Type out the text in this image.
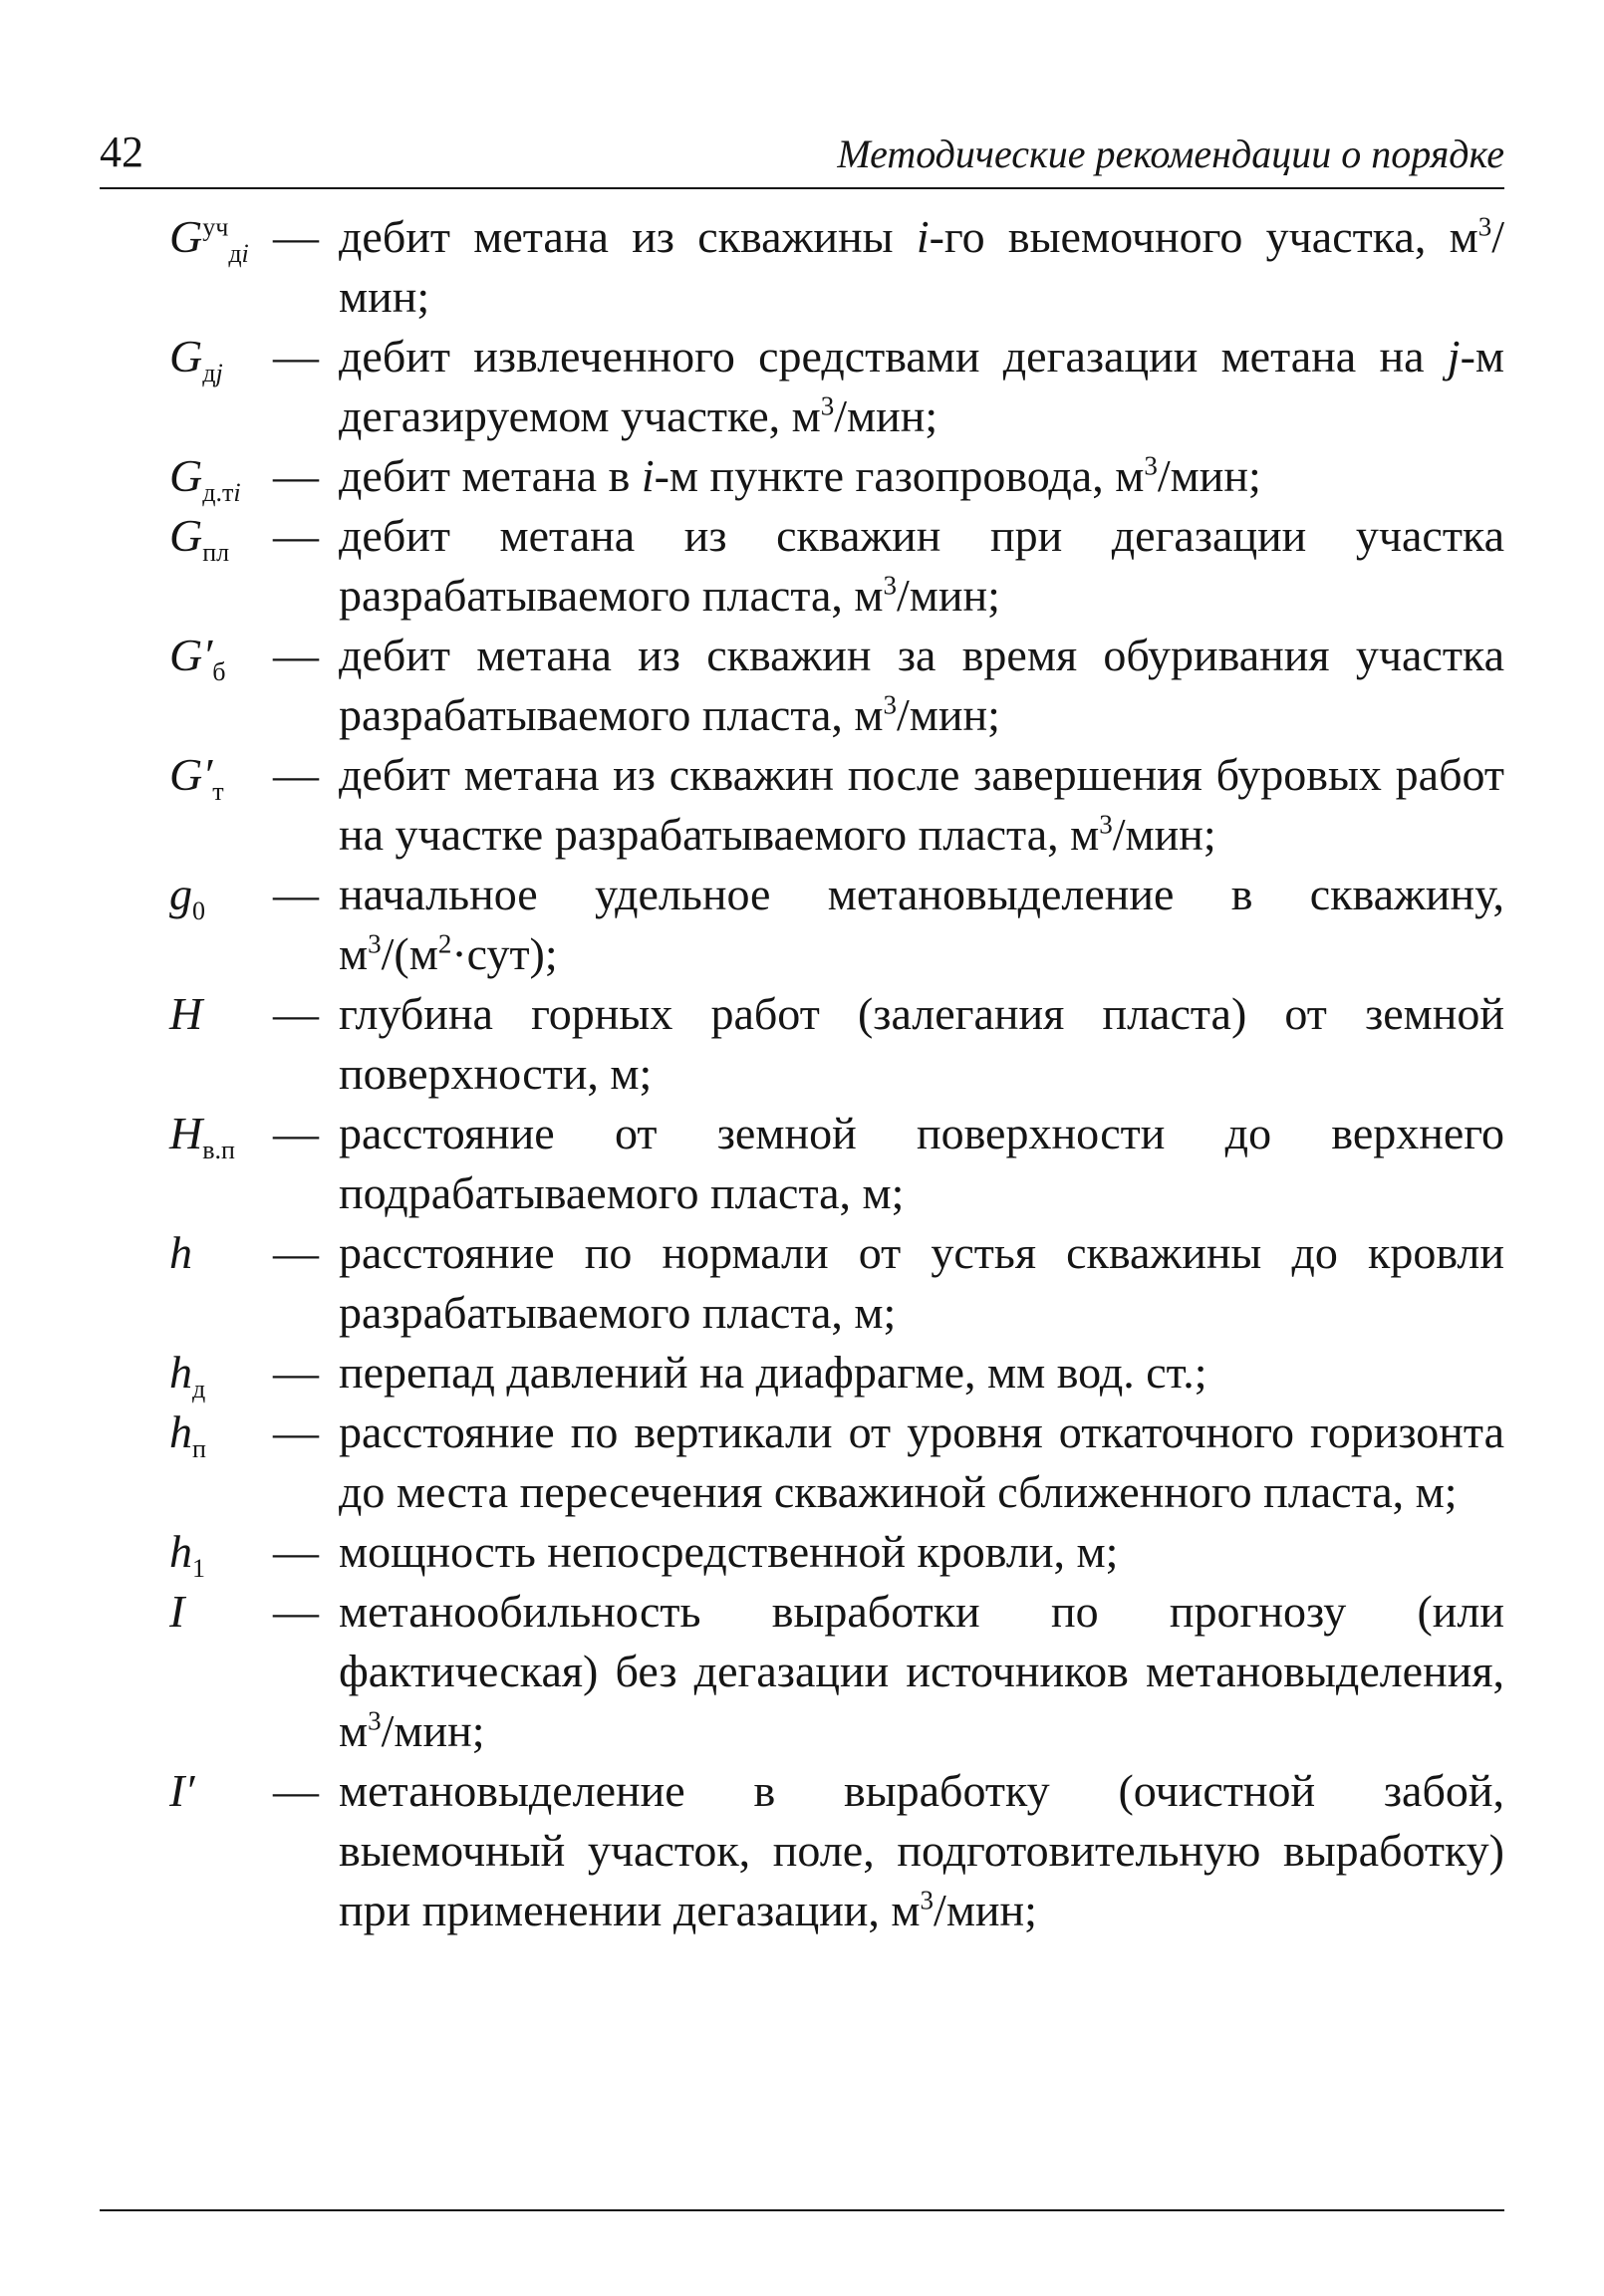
42	Методические рекомендации о порядке
$G^{уч}_{дi}$ — дебит метана из скважины i-го выемочного участка, $м^3$/мин;
$G_{дj}$	— дебит извлеченного средствами дегазации метана на j-м дегазируемом участке, $м^3$/мин;
$G_{д.тi}$ — дебит метана в i-м пункте газопровода, $м^3$/мин;
$G_{пл}$ — дебит метана из скважин при дегазации участка разрабатываемого пласта, $м^3$/мин;
$G'_б$	— дебит метана из скважин за время обуривания участка разрабатываемого пласта, $м^3$/мин;
$G'_т$	— дебит метана из скважин после завершения буровых работ на участке разрабатываемого пласта, $м^3$/мин;
$g_0$	— начальное удельное метановыделение в скважину, $м^3/(м^2\cdot сут)$;
H	— глубина горных работ (залегания пласта) от земной поверхности, м;
$H_{в.п}$ — расстояние от земной поверхности до верхнего подрабатываемого пласта, м;
h	— расстояние по нормали от устья скважины до кровли разрабатываемого пласта, м;
$h_д$	— перепад давлений на диафрагме, мм вод. ст.;
$h_п$	— расстояние по вертикали от уровня откаточного горизонта до места пересечения скважиной сближенного пласта, м;
$h_1$	— мощность непосредственной кровли, м;
I	— метанообильность выработки по прогнозу (или фактическая) без дегазации источников метановыделения, $м^3$/мин;
I′	— метановыделение в выработку (очистной забой, выемочный участок, поле, подготовительную выработку) при применении дегазации, $м^3$/мин;
